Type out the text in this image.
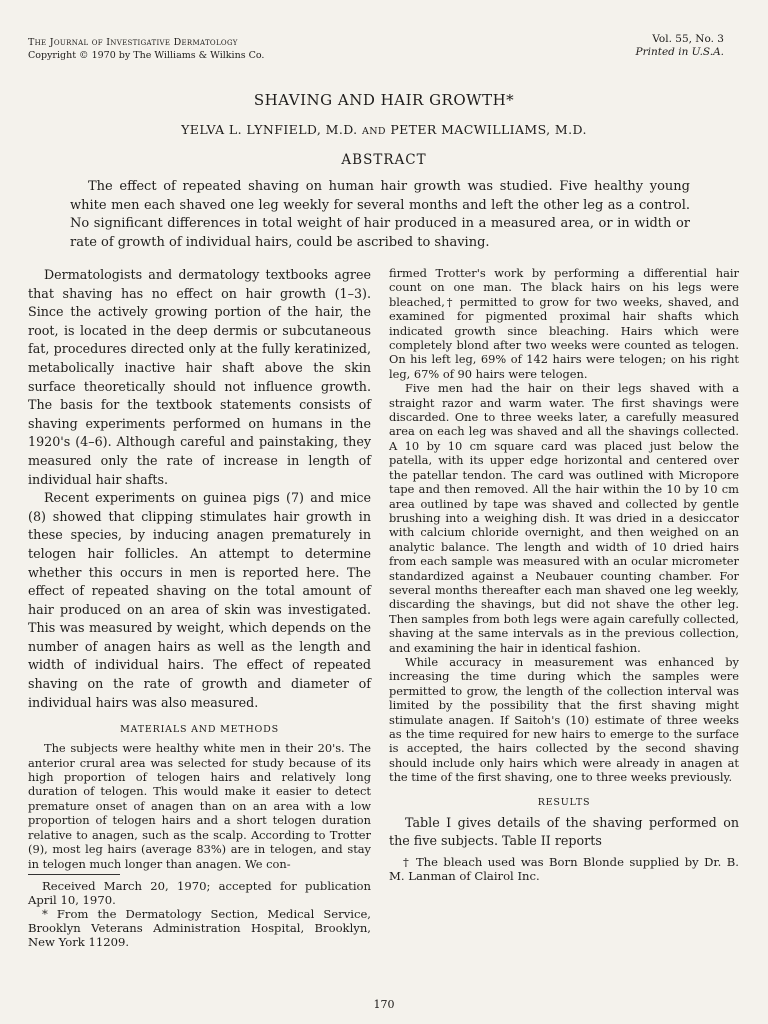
The Journal of Investigative Dermatology
Copyright © 1970 by The Williams & Wilkins Co.
Vol. 55, No. 3
Printed in U.S.A.
SHAVING AND HAIR GROWTH*
YELVA L. LYNFIELD, M.D. AND PETER MACWILLIAMS, M.D.
ABSTRACT

The effect of repeated shaving on human hair growth was studied. Five healthy young white men each shaved one leg weekly for several months and left the other leg as a control. No significant differences in total weight of hair produced in a measured area, or in width or rate of growth of individual hairs, could be ascribed to shaving.

Dermatologists and dermatology textbooks agree that shaving has no effect on hair growth (1–3). Since the actively growing portion of the hair, the root, is located in the deep dermis or subcutaneous fat, procedures directed only at the fully keratinized, metabolically inactive hair shaft above the skin surface theoretically should not influence growth. The basis for the textbook statements consists of shaving experiments performed on humans in the 1920's (4–6). Although careful and painstaking, they measured only the rate of increase in length of individual hair shafts.

Recent experiments on guinea pigs (7) and mice (8) showed that clipping stimulates hair growth in these species, by inducing anagen prematurely in telogen hair follicles. An attempt to determine whether this occurs in men is reported here. The effect of repeated shaving on the total amount of hair produced on an area of skin was investigated. This was measured by weight, which depends on the number of anagen hairs as well as the length and width of individual hairs. The effect of repeated shaving on the rate of growth and diameter of individual hairs was also measured.

MATERIALS AND METHODS

The subjects were healthy white men in their 20's. The anterior crural area was selected for study because of its high proportion of telogen hairs and relatively long duration of telogen. This would make it easier to detect premature onset of anagen than on an area with a low proportion of telogen hairs and a short telogen duration relative to anagen, such as the scalp. According to Trotter (9), most leg hairs (average 83%) are in telogen, and stay in telogen much longer than anagen. We con-

Received March 20, 1970; accepted for publication April 10, 1970.

* From the Dermatology Section, Medical Service, Brooklyn Veterans Administration Hospital, Brooklyn, New York 11209.

firmed Trotter's work by performing a differential hair count on one man. The black hairs on his legs were bleached,† permitted to grow for two weeks, shaved, and examined for pigmented proximal hair shafts which indicated growth since bleaching. Hairs which were completely blond after two weeks were counted as telogen. On his left leg, 69% of 142 hairs were telogen; on his right leg, 67% of 90 hairs were telogen.

Five men had the hair on their legs shaved with a straight razor and warm water. The first shavings were discarded. One to three weeks later, a carefully measured area on each leg was shaved and all the shavings collected. A 10 by 10 cm square card was placed just below the patella, with its upper edge horizontal and centered over the patellar tendon. The card was outlined with Micropore tape and then removed. All the hair within the 10 by 10 cm area outlined by tape was shaved and collected by gentle brushing into a weighing dish. It was dried in a desiccator with calcium chloride overnight, and then weighed on an analytic balance. The length and width of 10 dried hairs from each sample was measured with an ocular micrometer standardized against a Neubauer counting chamber. For several months thereafter each man shaved one leg weekly, discarding the shavings, but did not shave the other leg. Then samples from both legs were again carefully collected, shaving at the same intervals as in the previous collection, and examining the hair in identical fashion.

While accuracy in measurement was enhanced by increasing the time during which the samples were permitted to grow, the length of the collection interval was limited by the possibility that the first shaving might stimulate anagen. If Saitoh's (10) estimate of three weeks as the time required for new hairs to emerge to the surface is accepted, the hairs collected by the second shaving should include only hairs which were already in anagen at the time of the first shaving, one to three weeks previously.

RESULTS

Table I gives details of the shaving performed on the five subjects. Table II reports

† The bleach used was Born Blonde supplied by Dr. B. M. Lanman of Clairol Inc.

170
